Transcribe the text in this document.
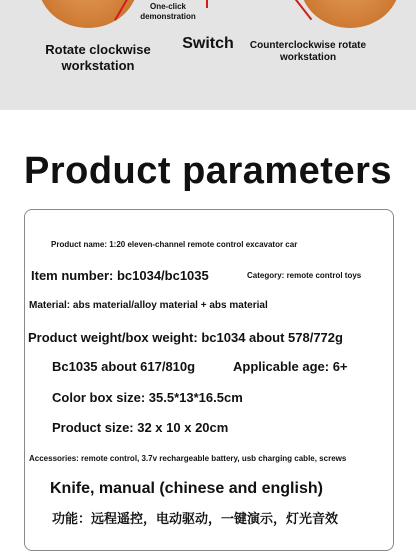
One-click demonstration
Rotate clockwise workstation
Switch	Counterclockwise rotate workstation
Product parameters
Product name: 1:20 eleven-channel remote control excavator car
Item number: bc1034/bc1035	Category: remote control toys
Material: abs material/alloy material + abs material
Product weight/box weight: bc1034 about 578/772g
Bc1035 about 617/810g	Applicable age: 6+
Color box size: 35.5*13*16.5cm
Product size: 32 x 10 x 20cm
Accessories: remote control, 3.7v rechargeable battery, usb charging cable, screws
Knife, manual (chinese and english)
功能：远程遥控，电动驱动，一键演示，灯光音效
